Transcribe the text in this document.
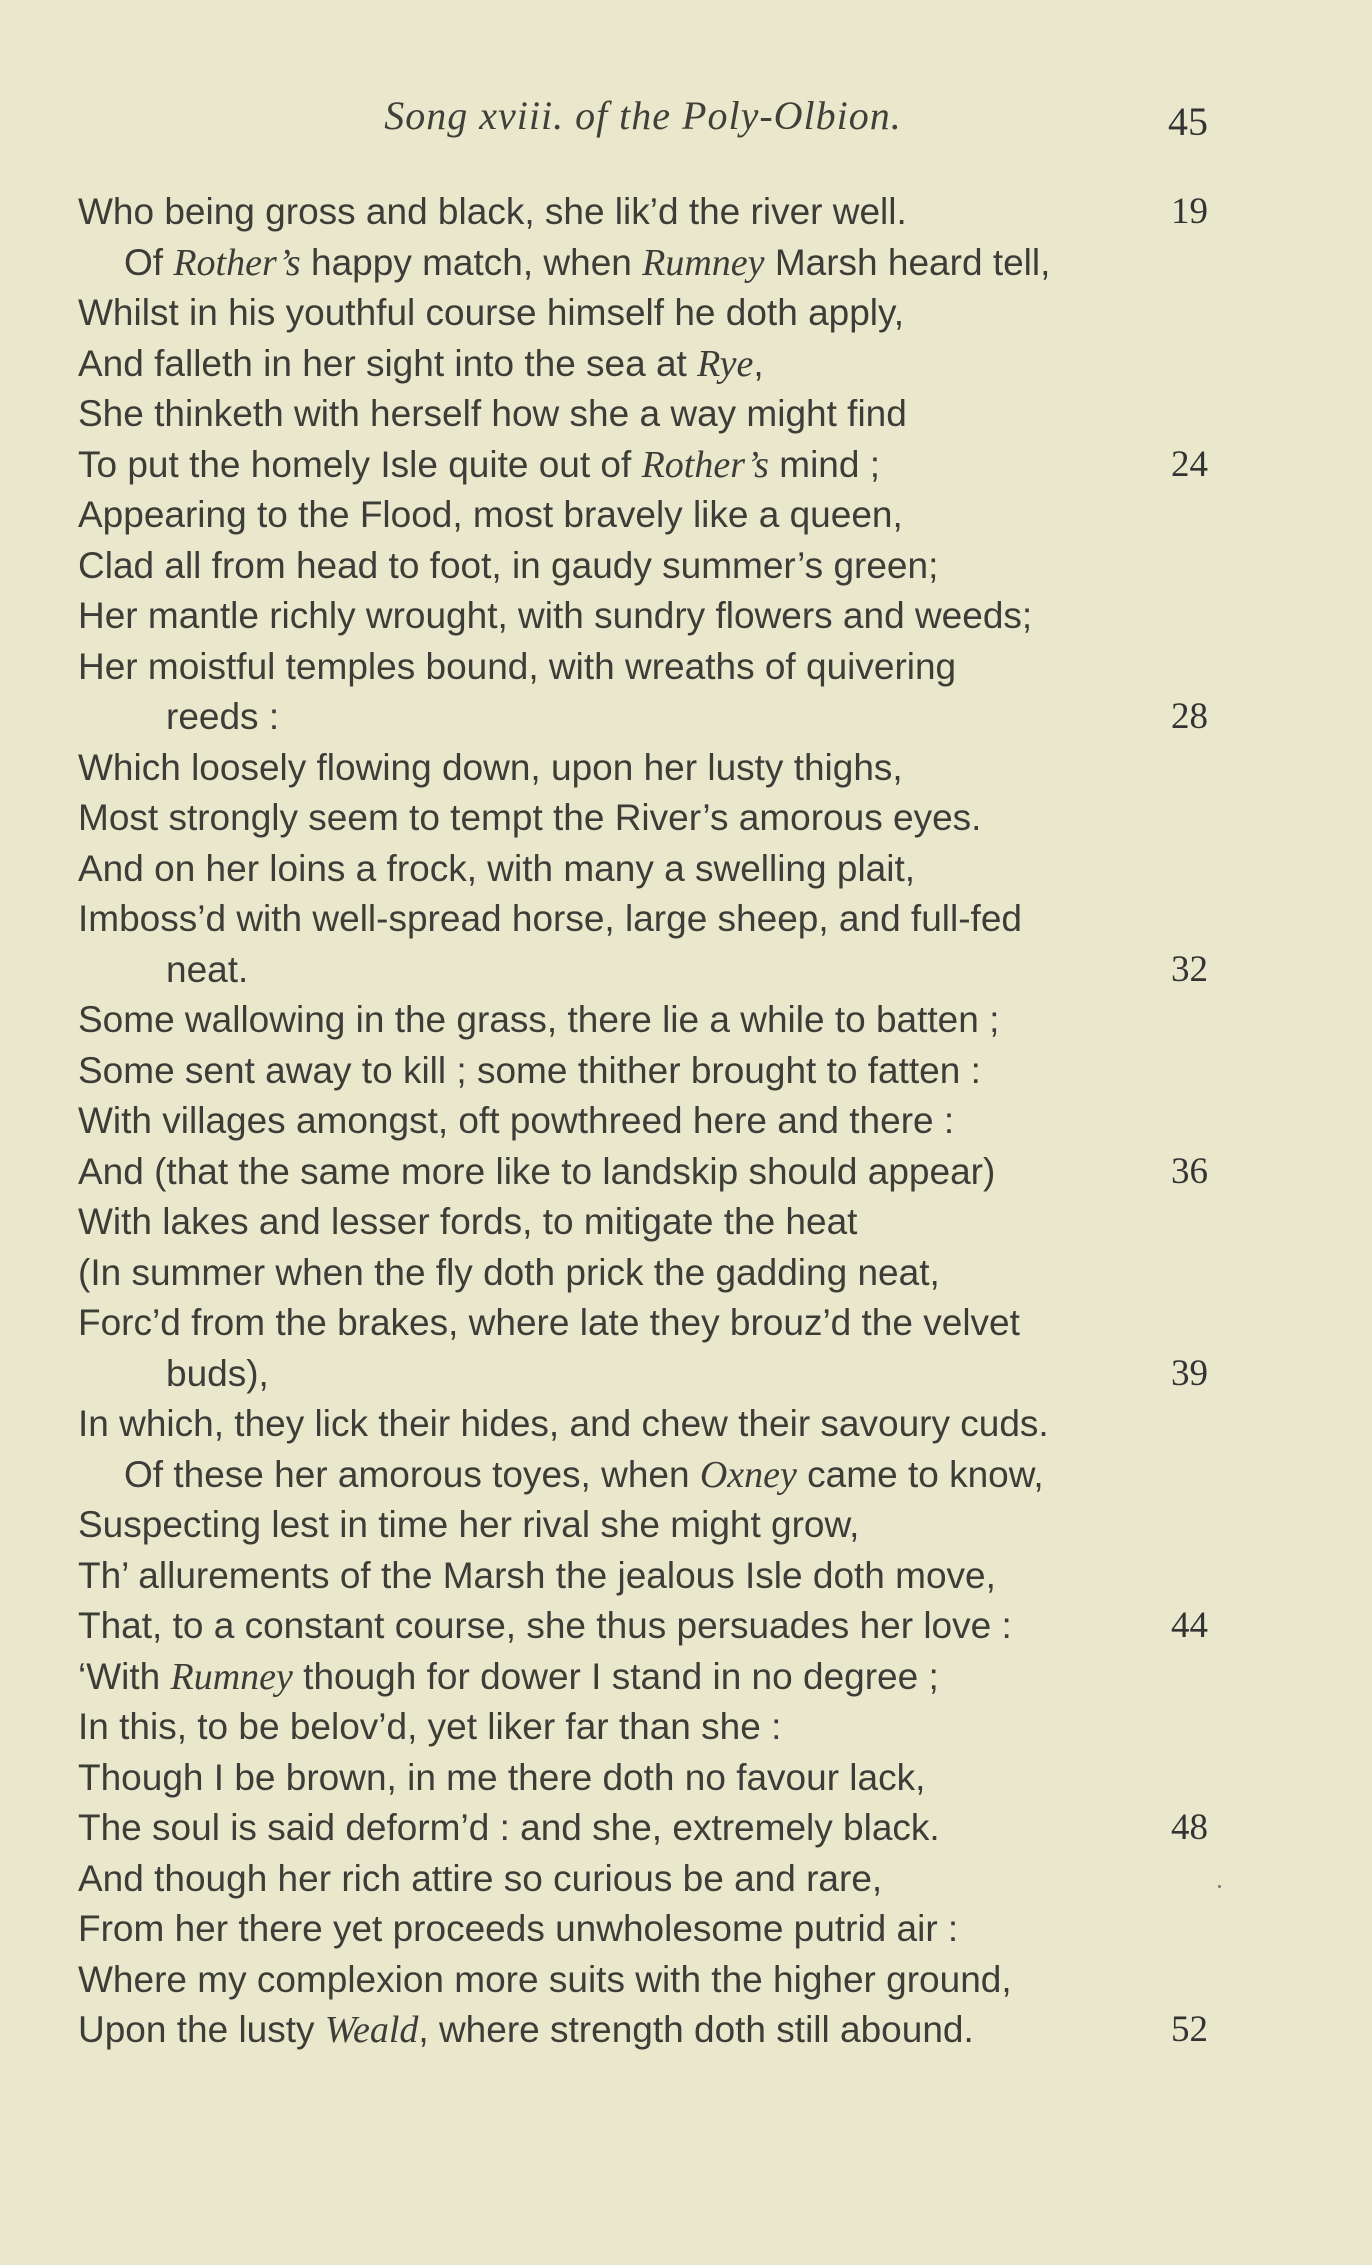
Song xviii. of the Poly-Olbion.	45
Who being gross and black, she lik’d the river well.	19
Of Rother’s happy match, when Rumney Marsh heard tell,
Whilst in his youthful course himself he doth apply,
And falleth in her sight into the sea at Rye,
She thinketh with herself how she a way might find
To put the homely Isle quite out of Rother’s mind ;	24
Appearing to the Flood, most bravely like a queen,
Clad all from head to foot, in gaudy summer’s green;
Her mantle richly wrought, with sundry flowers and weeds;
Her moistful temples bound, with wreaths of quivering
reeds :	28
Which loosely flowing down, upon her lusty thighs,
Most strongly seem to tempt the River’s amorous eyes.
And on her loins a frock, with many a swelling plait,
Imboss’d with well-spread horse, large sheep, and full-fed
neat.	32
Some wallowing in the grass, there lie a while to batten ;
Some sent away to kill ; some thither brought to fatten :
With villages amongst, oft powthreed here and there :
And (that the same more like to landskip should appear)	36
With lakes and lesser fords, to mitigate the heat
(In summer when the fly doth prick the gadding neat,
Forc’d from the brakes, where late they brouz’d the velvet
buds),	39
In which, they lick their hides, and chew their savoury cuds.
Of these her amorous toyes, when Oxney came to know,
Suspecting lest in time her rival she might grow,
Th’ allurements of the Marsh the jealous Isle doth move,
That, to a constant course, she thus persuades her love :	44
‘With Rumney though for dower I stand in no degree ;
In this, to be belov’d, yet liker far than she :
Though I be brown, in me there doth no favour lack,
The soul is said deform’d : and she, extremely black.	48
And though her rich attire so curious be and rare,
From her there yet proceeds unwholesome putrid air :
Where my complexion more suits with the higher ground,
Upon the lusty Weald, where strength doth still abound.	52
